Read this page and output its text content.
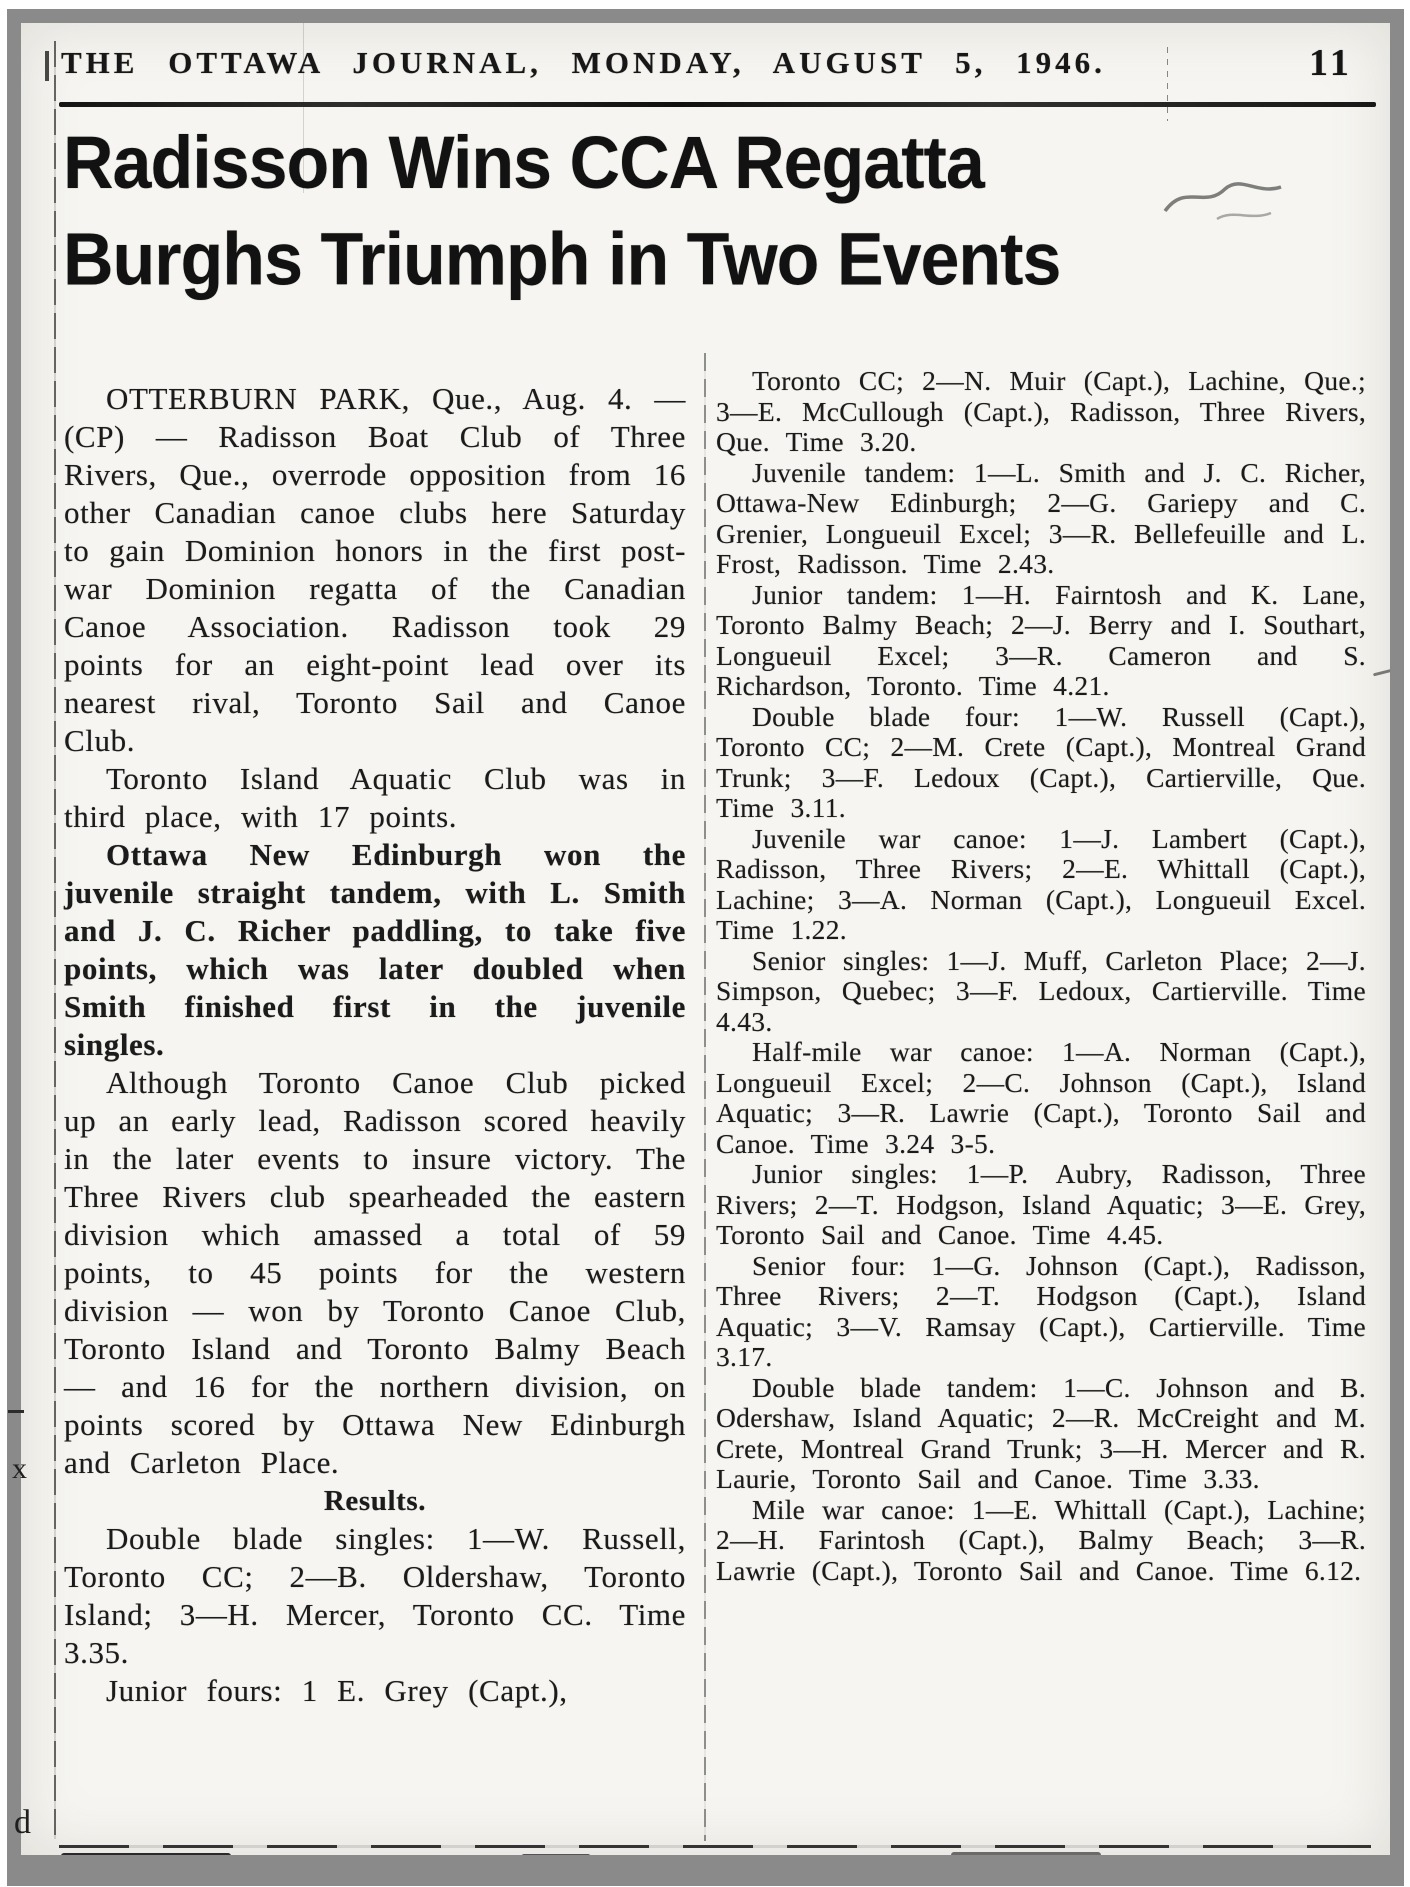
THE OTTAWA JOURNAL, MONDAY, AUGUST 5, 1946.	11
Radisson Wins CCA Regatta
Burghs Triumph in Two Events

OTTERBURN PARK, Que., Aug. 4. — (CP) — Radisson Boat Club of Three Rivers, Que., overrode opposition from 16 other Canadian canoe clubs here Saturday to gain Dominion honors in the first post-war Dominion regatta of the Canadian Canoe Association. Radisson took 29 points for an eight-point lead over its nearest rival, Toronto Sail and Canoe Club.

Toronto Island Aquatic Club was in third place, with 17 points.

Ottawa New Edinburgh won the juvenile straight tandem, with L. Smith and J. C. Richer paddling, to take five points, which was later doubled when Smith finished first in the juvenile singles.

Although Toronto Canoe Club picked up an early lead, Radisson scored heavily in the later events to insure victory. The Three Rivers club spearheaded the eastern division which amassed a total of 59 points, to 45 points for the western division — won by Toronto Canoe Club, Toronto Island and Toronto Balmy Beach — and 16 for the northern division, on points scored by Ottawa New Edinburgh and Carleton Place.

Results.

Double blade singles: 1—W. Russell, Toronto CC; 2—B. Oldershaw, Toronto Island; 3—H. Mercer, Toronto CC. Time 3.35.

Junior fours: 1 E. Grey (Capt.),

Toronto CC; 2—N. Muir (Capt.), Lachine, Que.; 3—E. McCullough (Capt.), Radisson, Three Rivers, Que. Time 3.20.

Juvenile tandem: 1—L. Smith and J. C. Richer, Ottawa-New Edinburgh; 2—G. Gariepy and C. Grenier, Longueuil Excel; 3—R. Bellefeuille and L. Frost, Radisson. Time 2.43.

Junior tandem: 1—H. Fairntosh and K. Lane, Toronto Balmy Beach; 2—J. Berry and I. Southart, Longueuil Excel; 3—R. Cameron and S. Richardson, Toronto. Time 4.21.

Double blade four: 1—W. Russell (Capt.), Toronto CC; 2—M. Crete (Capt.), Montreal Grand Trunk; 3—F. Ledoux (Capt.), Cartierville, Que. Time 3.11.

Juvenile war canoe: 1—J. Lambert (Capt.), Radisson, Three Rivers; 2—E. Whittall (Capt.), Lachine; 3—A. Norman (Capt.), Longueuil Excel. Time 1.22.

Senior singles: 1—J. Muff, Carleton Place; 2—J. Simpson, Quebec; 3—F. Ledoux, Cartierville. Time 4.43.

Half-mile war canoe: 1—A. Norman (Capt.), Longueuil Excel; 2—C. Johnson (Capt.), Island Aquatic; 3—R. Lawrie (Capt.), Toronto Sail and Canoe. Time 3.24 3-5.

Junior singles: 1—P. Aubry, Radisson, Three Rivers; 2—T. Hodgson, Island Aquatic; 3—E. Grey, Toronto Sail and Canoe. Time 4.45.

Senior four: 1—G. Johnson (Capt.), Radisson, Three Rivers; 2—T. Hodgson (Capt.), Island Aquatic; 3—V. Ramsay (Capt.), Cartierville. Time 3.17.

Double blade tandem: 1—C. Johnson and B. Odershaw, Island Aquatic; 2—R. McCreight and M. Crete, Montreal Grand Trunk; 3—H. Mercer and R. Laurie, Toronto Sail and Canoe. Time 3.33.

Mile war canoe: 1—E. Whittall (Capt.), Lachine; 2—H. Farintosh (Capt.), Balmy Beach; 3—R. Lawrie (Capt.), Toronto Sail and Canoe. Time 6.12.

x
d
